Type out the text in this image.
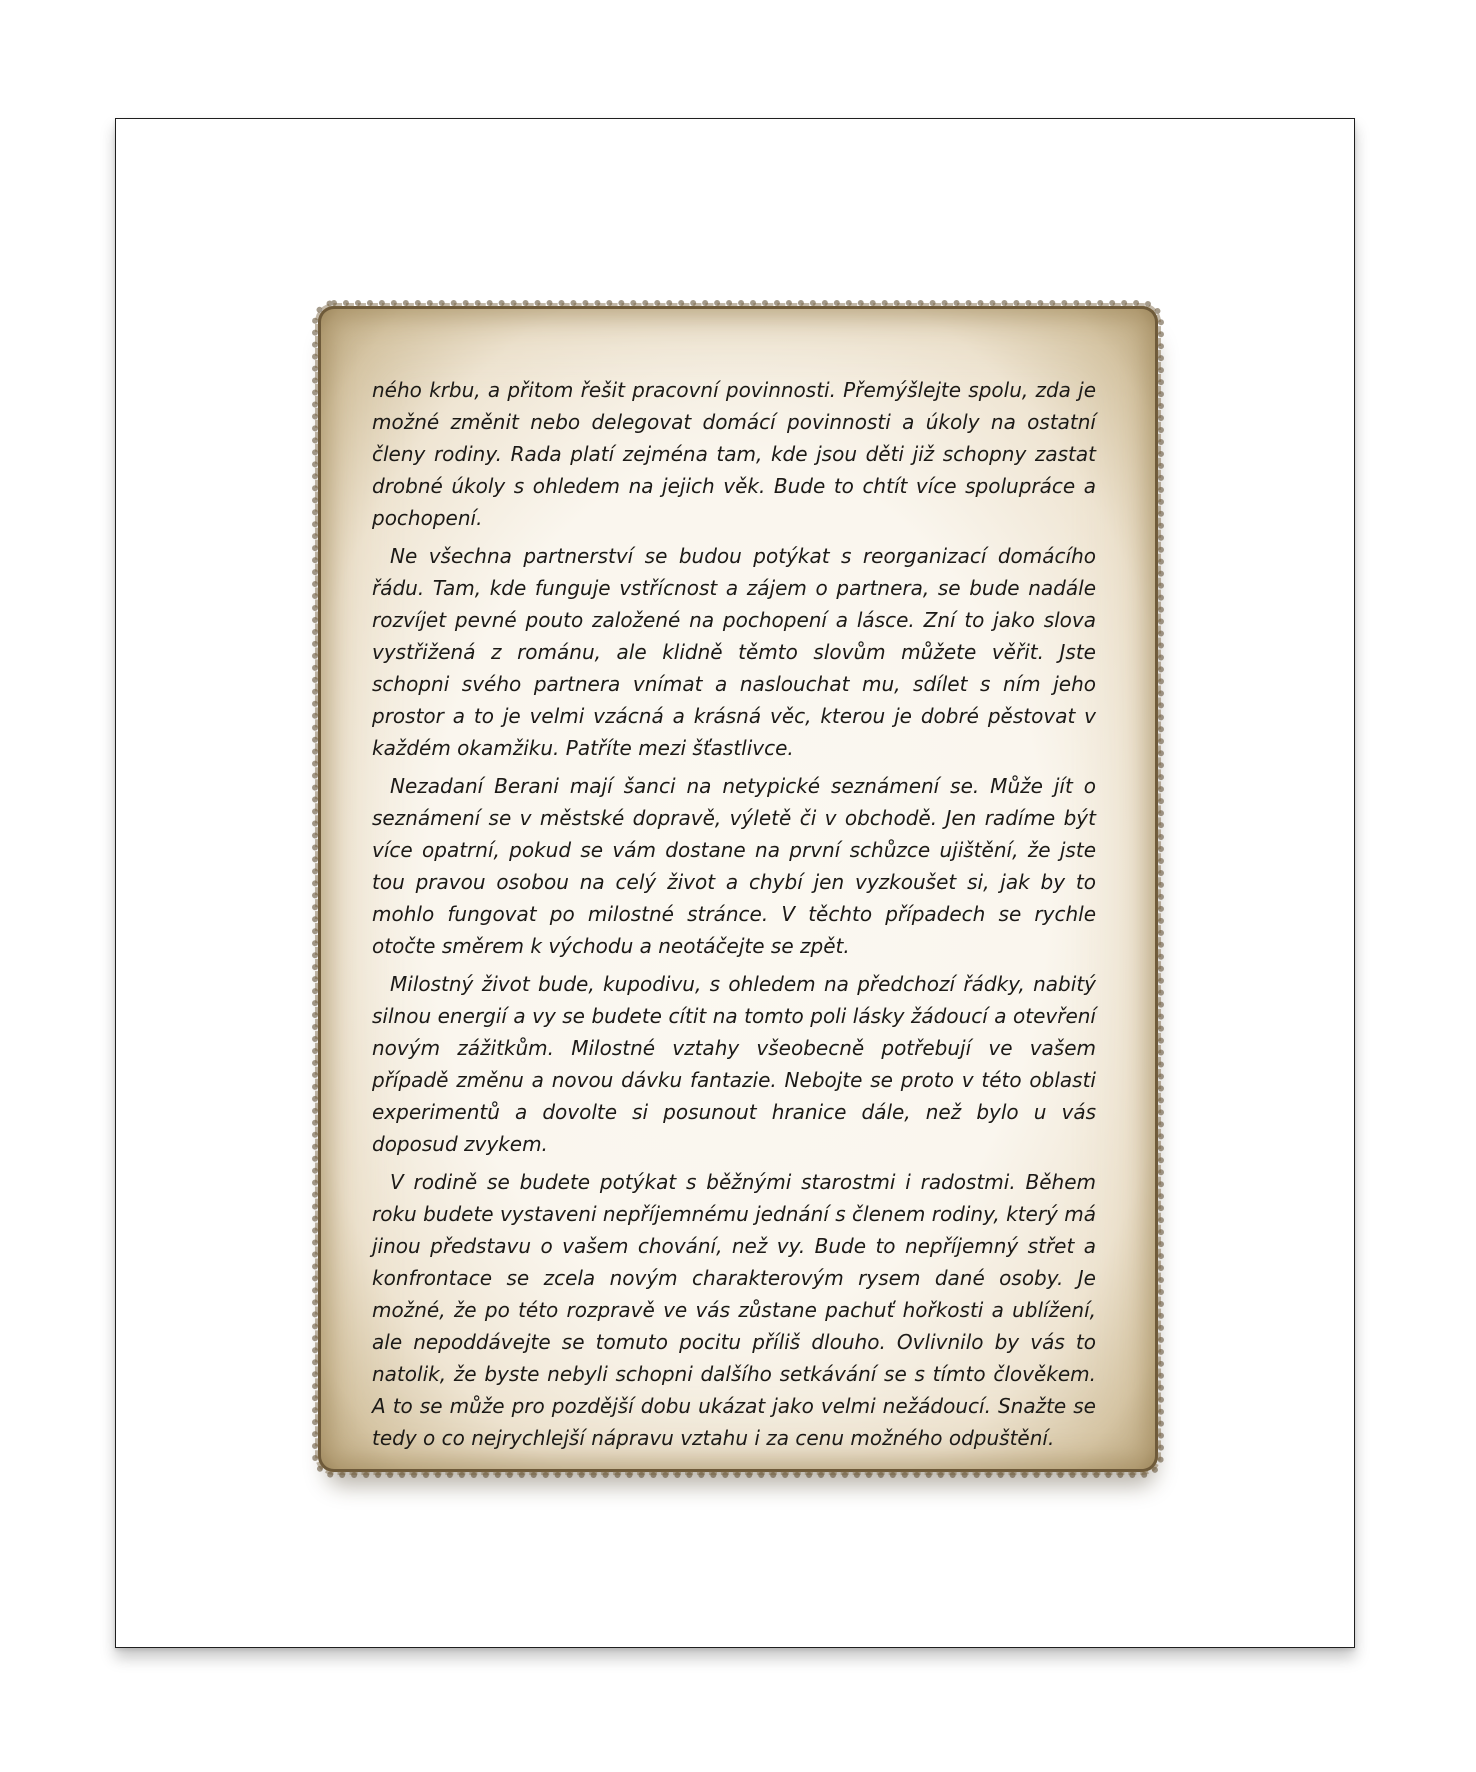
ného krbu, a přitom řešit pracovní povinnosti. Přemýšlejte spolu, zda je možné změnit nebo delegovat domácí povinnosti a úkoly na ostatní členy rodiny. Rada platí zejména tam, kde jsou děti již schopny zastat drobné úkoly s ohledem na jejich věk. Bude to chtít více spolupráce a pochopení.

Ne všechna partnerství se budou potýkat s reorganizací domácího řádu. Tam, kde funguje vstřícnost a zájem o partnera, se bude nadále rozvíjet pevné pouto založené na pochopení a lásce. Zní to jako slova vystřižená z románu, ale klidně těmto slovům můžete věřit. Jste schopni svého partnera vnímat a naslouchat mu, sdílet s ním jeho prostor a to je velmi vzácná a krásná věc, kterou je dobré pěstovat v každém okamžiku. Patříte mezi šťastlivce.

Nezadaní Berani mají šanci na netypické seznámení se. Může jít o seznámení se v městské dopravě, výletě či v obchodě. Jen radíme být více opatrní, pokud se vám dostane na první schůzce ujištění, že jste tou pravou osobou na celý život a chybí jen vyzkoušet si, jak by to mohlo fungovat po milostné stránce. V těchto případech se rychle otočte směrem k východu a neotáčejte se zpět.

Milostný život bude, kupodivu, s ohledem na předchozí řádky, nabitý silnou energií a vy se budete cítit na tomto poli lásky žádoucí a otevření novým zážitkům. Milostné vztahy všeobecně potřebují ve vašem případě změnu a novou dávku fantazie. Nebojte se proto v této oblasti experimentů a dovolte si posunout hranice dále, než bylo u vás doposud zvykem.

V rodině se budete potýkat s běžnými starostmi i radostmi. Během roku budete vystaveni nepříjemnému jednání s členem rodiny, který má jinou představu o vašem chování, než vy. Bude to nepříjemný střet a konfrontace se zcela novým charakterovým rysem dané osoby. Je možné, že po této rozpravě ve vás zůstane pachuť hořkosti a ublížení, ale nepoddávejte se tomuto pocitu příliš dlouho. Ovlivnilo by vás to natolik, že byste nebyli schopni dalšího setkávání se s tímto člověkem. A to se může pro pozdější dobu ukázat jako velmi nežádoucí. Snažte se tedy o co nejrychlejší nápravu vztahu i za cenu možného odpuštění.
